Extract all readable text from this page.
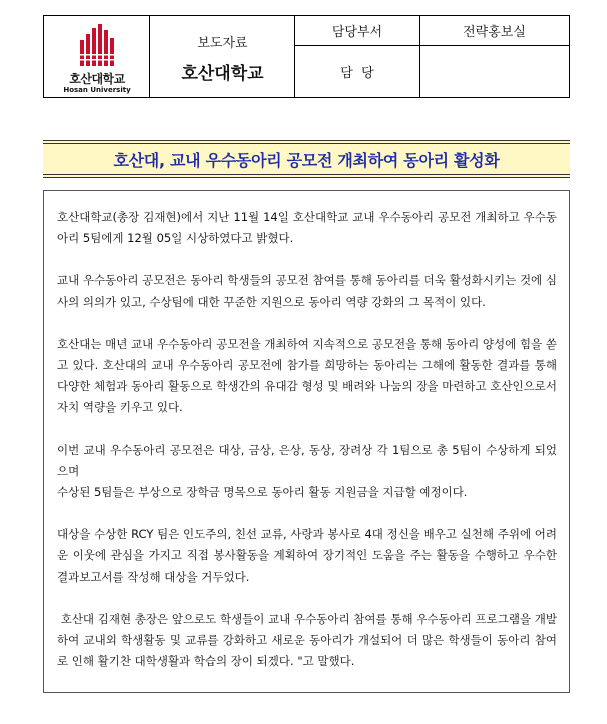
호산대학교
Hosan University
보도자료
호산대학교
담당부서	전략홍보실
담  당
호산대, 교내 우수동아리 공모전 개최하여 동아리 활성화

호산대학교(총장 김재현)에서 지난 11월 14일 호산대학교 교내 우수동아리 공모전 개최하고 우수동아리 5팀에게 12월 05일 시상하였다고 밝혔다.

교내 우수동아리 공모전은 동아리 학생들의 공모전 참여를 통해 동아리를 더욱 활성화시키는 것에 심사의 의의가 있고, 수상팀에 대한 꾸준한 지원으로 동아리 역량 강화의 그 목적이 있다.

호산대는 매년 교내 우수동아리 공모전을 개최하여 지속적으로 공모전을 통해 동아리 양성에 힘을 쏟고 있다. 호산대의 교내 우수동아리 공모전에 참가를 희망하는 동아리는 그해에 활동한 결과를 통해 다양한 체험과 동아리 활동으로 학생간의 유대감 형성 및 배려와 나눔의 장을 마련하고 호산인으로서 자치 역량을 키우고 있다.

이번 교내 우수동아리 공모전은 대상, 금상, 은상, 동상, 장려상 각 1팀으로 총 5팀이 수상하게 되었으며

수상된 5팀들은 부상으로 장학금 명목으로 동아리 활동 지원금을 지급할 예정이다.

대상을 수상한 RCY 팀은 인도주의, 친선 교류, 사랑과 봉사로 4대 정신을 배우고 실천해 주위에 어려운 이웃에 관심을 가지고 직접 봉사활동을 계획하여 장기적인 도움을 주는 활동을 수행하고 우수한 결과보고서를 작성해 대상을 거두었다.

호산대 김재현 총장은 앞으로도 학생들이 교내 우수동아리 참여를 통해 우수동아리 프로그램을 개발하여 교내외 학생활동 및 교류를 강화하고 새로운 동아리가 개설되어 더 많은 학생들이 동아리 참여로 인해 활기찬 대학생활과 학습의 장이 되겠다. "고 말했다.
